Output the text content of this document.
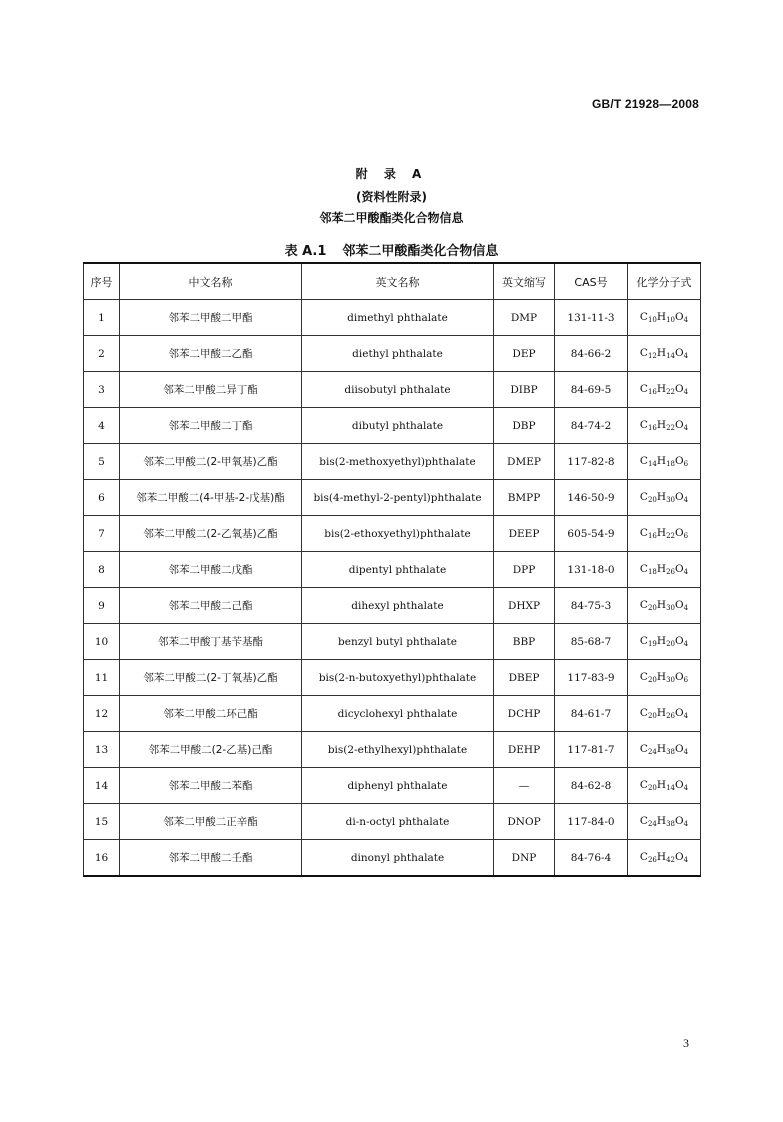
GB/T 21928—2008
附 录 A
(资料性附录)
邻苯二甲酸酯类化合物信息
表 A.1 邻苯二甲酸酯类化合物信息
序号	中文名称	英文名称	英文缩写	CAS号	化学分子式
1	邻苯二甲酸二甲酯	dimethyl phthalate	DMP	131-11-3	$C_{10}H_{10}O_4$
2	邻苯二甲酸二乙酯	diethyl phthalate	DEP	84-66-2	$C_{12}H_{14}O_4$
3	邻苯二甲酸二异丁酯	diisobutyl phthalate	DIBP	84-69-5	$C_{16}H_{22}O_4$
4	邻苯二甲酸二丁酯	dibutyl phthalate	DBP	84-74-2	$C_{16}H_{22}O_4$
5	邻苯二甲酸二(2-甲氧基)乙酯	bis(2-methoxyethyl)phthalate	DMEP	117-82-8	$C_{14}H_{18}O_6$
6	邻苯二甲酸二(4-甲基-2-戊基)酯	bis(4-methyl-2-pentyl)phthalate	BMPP	146-50-9	$C_{20}H_{30}O_4$
7	邻苯二甲酸二(2-乙氧基)乙酯	bis(2-ethoxyethyl)phthalate	DEEP	605-54-9	$C_{16}H_{22}O_6$
8	邻苯二甲酸二戊酯	dipentyl phthalate	DPP	131-18-0	$C_{18}H_{26}O_4$
9	邻苯二甲酸二己酯	dihexyl phthalate	DHXP	84-75-3	$C_{20}H_{30}O_4$
10	邻苯二甲酸丁基苄基酯	benzyl butyl phthalate	BBP	85-68-7	$C_{19}H_{20}O_4$
11	邻苯二甲酸二(2-丁氧基)乙酯	bis(2-n-butoxyethyl)phthalate	DBEP	117-83-9	$C_{20}H_{30}O_6$
12	邻苯二甲酸二环己酯	dicyclohexyl phthalate	DCHP	84-61-7	$C_{20}H_{26}O_4$
13	邻苯二甲酸二(2-乙基)己酯	bis(2-ethylhexyl)phthalate	DEHP	117-81-7	$C_{24}H_{38}O_4$
14	邻苯二甲酸二苯酯	diphenyl phthalate	—	84-62-8	$C_{20}H_{14}O_4$
15	邻苯二甲酸二正辛酯	di-n-octyl phthalate	DNOP	117-84-0	$C_{24}H_{38}O_4$
16	邻苯二甲酸二壬酯	dinonyl phthalate	DNP	84-76-4	$C_{26}H_{42}O_4$
3
